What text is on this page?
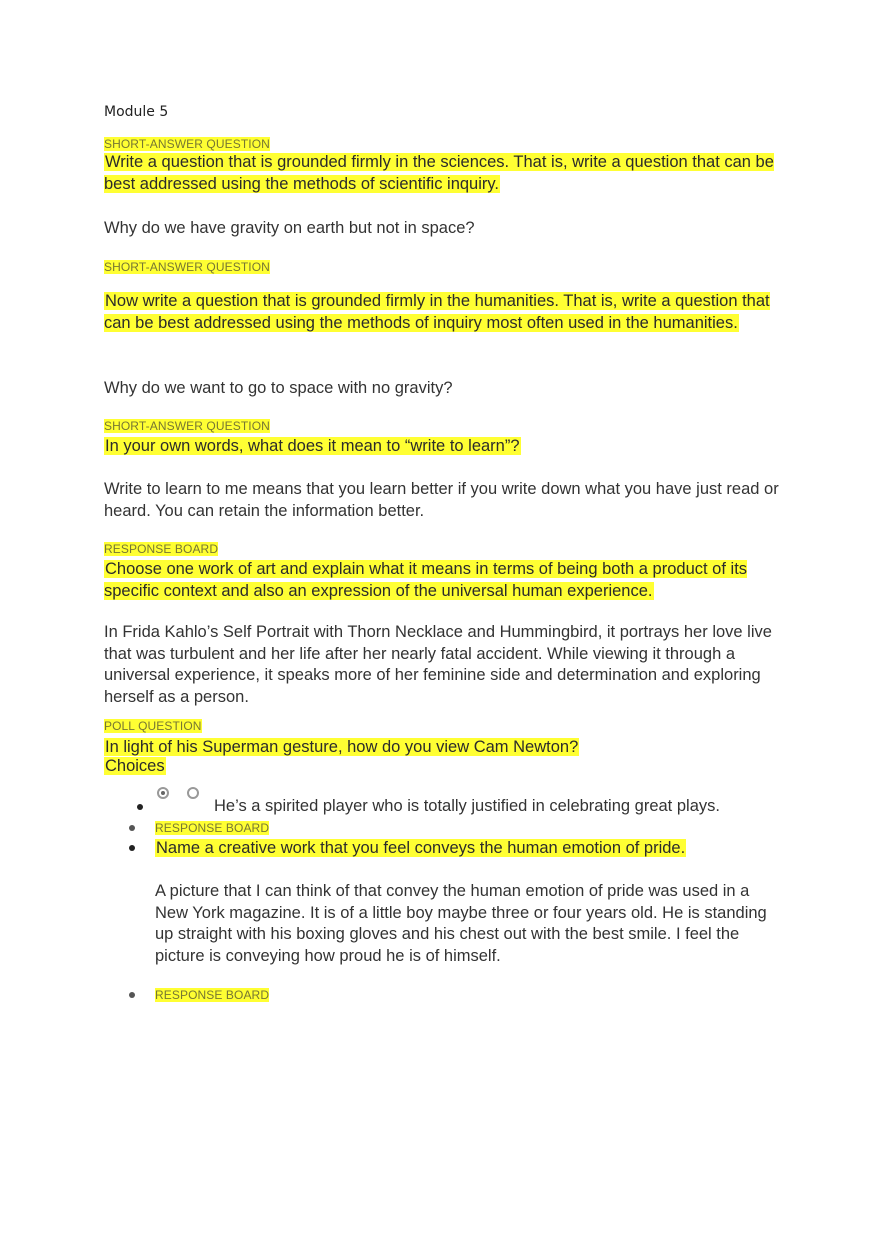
Module 5
SHORT-ANSWER QUESTION
Write a question that is grounded firmly in the sciences. That is, write a question that can be best addressed using the methods of scientific inquiry.
Why do we have gravity on earth but not in space?
SHORT-ANSWER QUESTION
Now write a question that is grounded firmly in the humanities. That is, write a question that can be best addressed using the methods of inquiry most often used in the humanities.
Why do we want to go to space with no gravity?
SHORT-ANSWER QUESTION
In your own words, what does it mean to “write to learn”?
Write to learn to me means that you learn better if you write down what you have just read or heard. You can retain the information better.
RESPONSE BOARD
Choose one work of art and explain what it means in terms of being both a product of its specific context and also an expression of the universal human experience.
In Frida Kahlo’s Self Portrait with Thorn Necklace and Hummingbird, it portrays her love live that was turbulent and her life after her nearly fatal accident. While viewing it through a universal experience, it speaks more of her feminine side and determination and exploring herself as a person.
POLL QUESTION
In light of his Superman gesture, how do you view Cam Newton?
Choices
He’s a spirited player who is totally justified in celebrating great plays.
RESPONSE BOARD
Name a creative work that you feel conveys the human emotion of pride.
A picture that I can think of that convey the human emotion of pride was used in a New York magazine. It is of a little boy maybe three or four years old. He is standing up straight with his boxing gloves and his chest out with the best smile. I feel the picture is conveying how proud he is of himself.
RESPONSE BOARD
